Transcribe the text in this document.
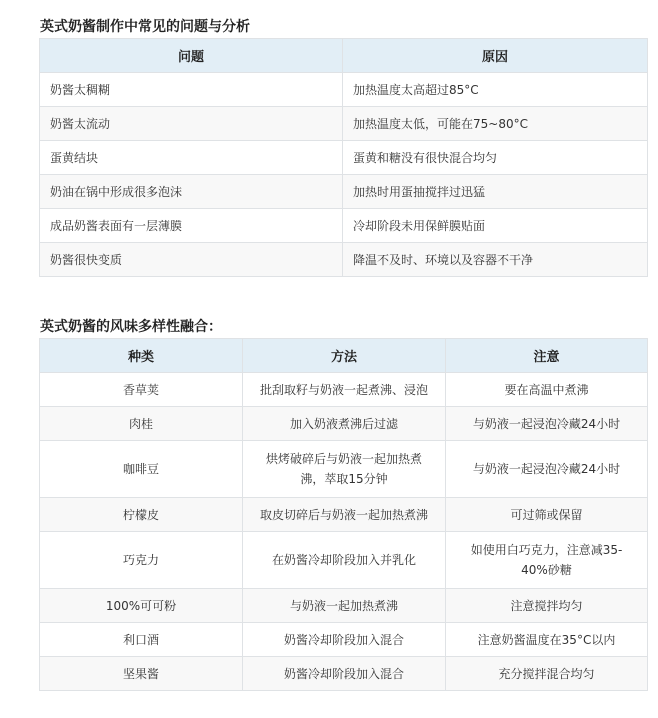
英式奶酱制作中常见的问题与分析
问题	原因
奶酱太稠糊	加热温度太高超过85°C
奶酱太流动	加热温度太低，可能在75~80°C
蛋黄结块	蛋黄和糖没有很快混合均匀
奶油在锅中形成很多泡沫	加热时用蛋抽搅拌过迅猛
成品奶酱表面有一层薄膜	冷却阶段未用保鲜膜贴面
奶酱很快变质	降温不及时、环境以及容器不干净
英式奶酱的风味多样性融合：
种类	方法	注意
香草荚	批刮取籽与奶液一起煮沸、浸泡	要在高温中煮沸
肉桂	加入奶液煮沸后过滤	与奶液一起浸泡冷藏24小时
咖啡豆	烘烤破碎后与奶液一起加热煮沸，萃取15分钟	与奶液一起浸泡冷藏24小时
柠檬皮	取皮切碎后与奶液一起加热煮沸	可过筛或保留
巧克力	在奶酱冷却阶段加入并乳化	如使用白巧克力，注意减35-40%砂糖
100%可可粉	与奶液一起加热煮沸	注意搅拌均匀
利口酒	奶酱冷却阶段加入混合	注意奶酱温度在35°C以内
坚果酱	奶酱冷却阶段加入混合	充分搅拌混合均匀
